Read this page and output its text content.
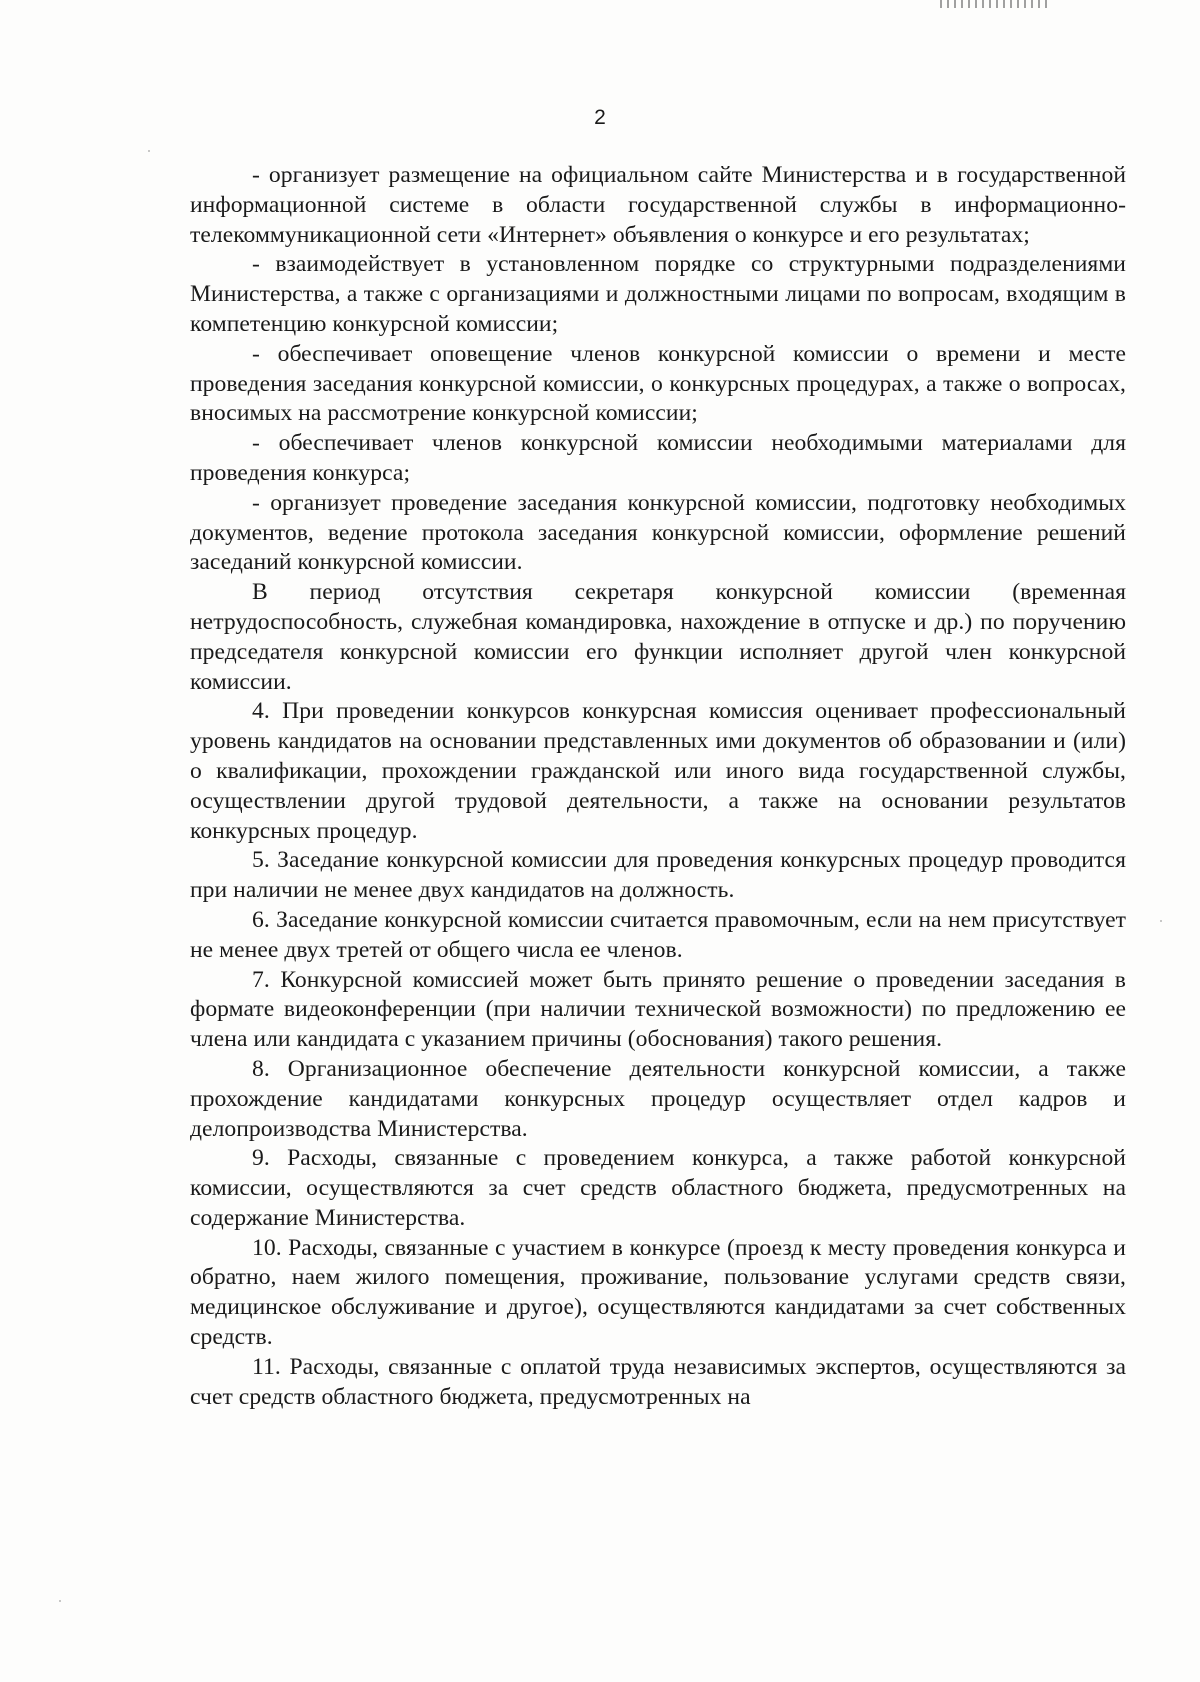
2

- организует размещение на официальном сайте Министерства и в государственной информационной системе в области государственной службы в информационно-телекоммуникационной сети «Интернет» объявления о конкурсе и его результатах;

- взаимодействует в установленном порядке со структурными подразделениями Министерства, а также с организациями и должностными лицами по вопросам, входящим в компетенцию конкурсной комиссии;

- обеспечивает оповещение членов конкурсной комиссии о времени и месте проведения заседания конкурсной комиссии, о конкурсных процедурах, а также о вопросах, вносимых на рассмотрение конкурсной комиссии;

- обеспечивает членов конкурсной комиссии необходимыми материалами для проведения конкурса;

- организует проведение заседания конкурсной комиссии, подготовку необходимых документов, ведение протокола заседания конкурсной комиссии, оформление решений заседаний конкурсной комиссии.

В период отсутствия секретаря конкурсной комиссии (временная нетрудоспособность, служебная командировка, нахождение в отпуске и др.) по поручению председателя конкурсной комиссии его функции исполняет другой член конкурсной комиссии.

4. При проведении конкурсов конкурсная комиссия оценивает профессиональный уровень кандидатов на основании представленных ими документов об образовании и (или) о квалификации, прохождении гражданской или иного вида государственной службы, осуществлении другой трудовой деятельности, а также на основании результатов конкурсных процедур.

5. Заседание конкурсной комиссии для проведения конкурсных процедур проводится при наличии не менее двух кандидатов на должность.

6. Заседание конкурсной комиссии считается правомочным, если на нем присутствует не менее двух третей от общего числа ее членов.

7. Конкурсной комиссией может быть принято решение о проведении заседания в формате видеоконференции (при наличии технической возможности) по предложению ее члена или кандидата с указанием причины (обоснования) такого решения.

8. Организационное обеспечение деятельности конкурсной комиссии, а также прохождение кандидатами конкурсных процедур осуществляет отдел кадров и делопроизводства Министерства.

9. Расходы, связанные с проведением конкурса, а также работой конкурсной комиссии, осуществляются за счет средств областного бюджета, предусмотренных на содержание Министерства.

10. Расходы, связанные с участием в конкурсе (проезд к месту проведения конкурса и обратно, наем жилого помещения, проживание, пользование услугами средств связи, медицинское обслуживание и другое), осуществляются кандидатами за счет собственных средств.

11. Расходы, связанные с оплатой труда независимых экспертов, осуществляются за счет средств областного бюджета, предусмотренных на
